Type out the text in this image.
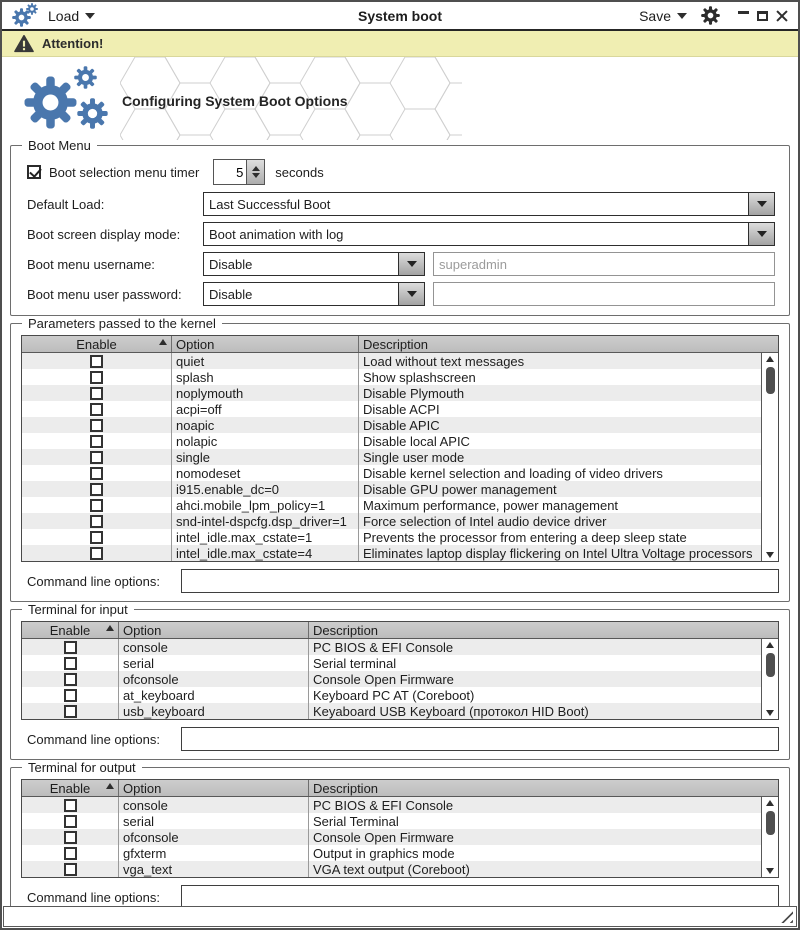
Load	System boot	Save
Attention!
Configuring System Boot Options
Boot Menu
Boot selection menu timer
5	seconds
Default Load:	Last Successful Boot
Boot screen display mode:	Boot animation with log
Boot menu username:	Disable
superadmin
Boot menu user password:	Disable
Parameters passed to the kernel
Enable	Option	Description
quiet	Load without text messages
splash	Show splashscreen
noplymouth	Disable Plymouth
acpi=off	Disable ACPI
noapic	Disable APIC
nolapic	Disable local APIC
single	Single user mode
nomodeset	Disable kernel selection and loading of video drivers
i915.enable_dc=0	Disable GPU power management
ahci.mobile_lpm_policy=1	Maximum performance, power management
snd-intel-dspcfg.dsp_driver=1	Force selection of Intel audio device driver
intel_idle.max_cstate=1	Prevents the processor from entering a deep sleep state
intel_idle.max_cstate=4	Eliminates laptop display flickering on Intel Ultra Voltage processors
Command line options:
Terminal for input
Enable	Option	Description
console	PC BIOS & EFI Console
serial	Serial terminal
ofconsole	Console Open Firmware
at_keyboard	Keyboard PC AT (Coreboot)
usb_keyboard	Keyaboard USB Keyboard (протокол HID Boot)
Command line options:
Terminal for output
Enable	Option	Description
console	PC BIOS & EFI Console
serial	Serial Terminal
ofconsole	Console Open Firmware
gfxterm	Output in graphics mode
vga_text	VGA text output (Coreboot)
Command line options:
